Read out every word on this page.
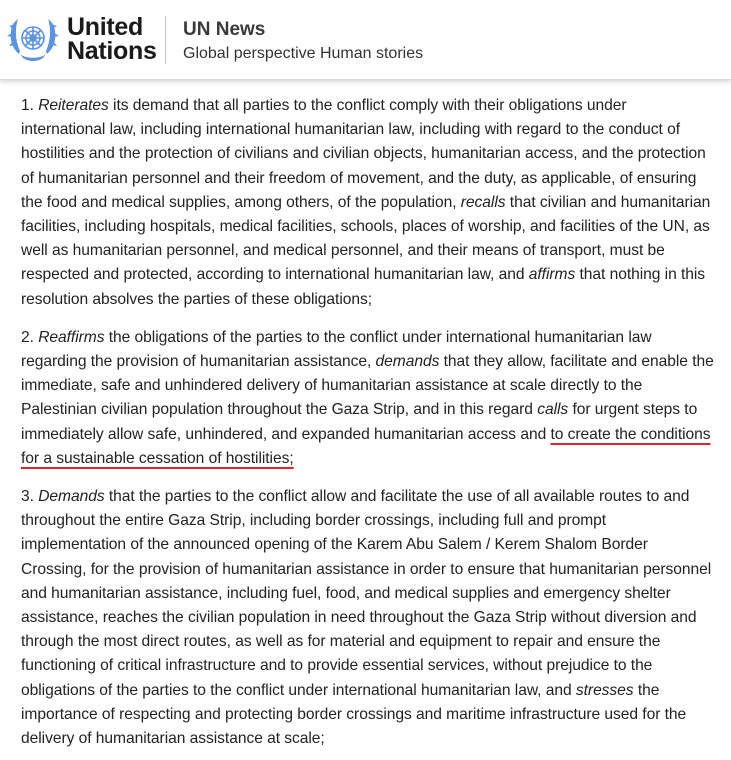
United
Nations
UN News
Global perspective Human stories

1. Reiterates its demand that all parties to the conflict comply with their obligations under international law, including international humanitarian law, including with regard to the conduct of hostilities and the protection of civilians and civilian objects, humanitarian access, and the protection of humanitarian personnel and their freedom of movement, and the duty, as applicable, of ensuring the food and medical supplies, among others, of the population, recalls that civilian and humanitarian facilities, including hospitals, medical facilities, schools, places of worship, and facilities of the UN, as well as humanitarian personnel, and medical personnel, and their means of transport, must be respected and protected, according to international humanitarian law, and affirms that nothing in this resolution absolves the parties of these obligations;

2. Reaffirms the obligations of the parties to the conflict under international humanitarian law regarding the provision of humanitarian assistance, demands that they allow, facilitate and enable the immediate, safe and unhindered delivery of humanitarian assistance at scale directly to the Palestinian civilian population throughout the Gaza Strip, and in this regard calls for urgent steps to immediately allow safe, unhindered, and expanded humanitarian access and to create the conditions for a sustainable cessation of hostilities;

3. Demands that the parties to the conflict allow and facilitate the use of all available routes to and throughout the entire Gaza Strip, including border crossings, including full and prompt implementation of the announced opening of the Karem Abu Salem / Kerem Shalom Border Crossing, for the provision of humanitarian assistance in order to ensure that humanitarian personnel and humanitarian assistance, including fuel, food, and medical supplies and emergency shelter assistance, reaches the civilian population in need throughout the Gaza Strip without diversion and through the most direct routes, as well as for material and equipment to repair and ensure the functioning of critical infrastructure and to provide essential services, without prejudice to the obligations of the parties to the conflict under international humanitarian law, and stresses the importance of respecting and protecting border crossings and maritime infrastructure used for the delivery of humanitarian assistance at scale;
